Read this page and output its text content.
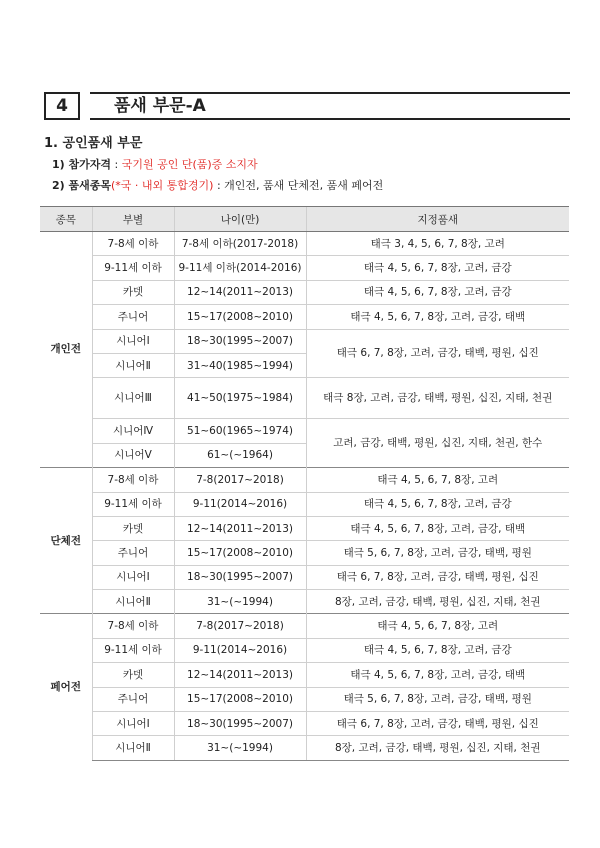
4	품새 부문-A
1. 공인품새 부문
1) 참가자격 : 국기원 공인 단(품)증 소지자
2) 품새종목(*국 · 내외 통합경기) : 개인전, 품새 단체전, 품새 페어전
종목	부별	나이(만)	지정품새
개인전	7-8세 이하	7-8세 이하(2017-2018)	태극 3, 4, 5, 6, 7, 8장, 고려
	9-11세 이하	9-11세 이하(2014-2016)	태극 4, 5, 6, 7, 8장, 고려, 금강
	카뎃	12~14(2011~2013)	태극 4, 5, 6, 7, 8장, 고려, 금강
	주니어	15~17(2008~2010)	태극 4, 5, 6, 7, 8장, 고려, 금강, 태백
	시니어Ⅰ	18~30(1995~2007)	태극 6, 7, 8장, 고려, 금강, 태백, 평원, 십진
	시니어Ⅱ	31~40(1985~1994)	
	시니어Ⅲ	41~50(1975~1984)	태극 8장, 고려, 금강, 태백, 평원, 십진, 지태, 천권
	시니어Ⅳ	51~60(1965~1974)	고려, 금강, 태백, 평원, 십진, 지태, 천권, 한수
	시니어Ⅴ	61~(~1964)	
단체전	7-8세 이하	7-8(2017~2018)	태극 4, 5, 6, 7, 8장, 고려
	9-11세 이하	9-11(2014~2016)	태극 4, 5, 6, 7, 8장, 고려, 금강
	카뎃	12~14(2011~2013)	태극 4, 5, 6, 7, 8장, 고려, 금강, 태백
	주니어	15~17(2008~2010)	태극 5, 6, 7, 8장, 고려, 금강, 태백, 평원
	시니어Ⅰ	18~30(1995~2007)	태극 6, 7, 8장, 고려, 금강, 태백, 평원, 십진
	시니어Ⅱ	31~(~1994)	8장, 고려, 금강, 태백, 평원, 십진, 지태, 천권
페어전	7-8세 이하	7-8(2017~2018)	태극 4, 5, 6, 7, 8장, 고려
	9-11세 이하	9-11(2014~2016)	태극 4, 5, 6, 7, 8장, 고려, 금강
	카뎃	12~14(2011~2013)	태극 4, 5, 6, 7, 8장, 고려, 금강, 태백
	주니어	15~17(2008~2010)	태극 5, 6, 7, 8장, 고려, 금강, 태백, 평원
	시니어Ⅰ	18~30(1995~2007)	태극 6, 7, 8장, 고려, 금강, 태백, 평원, 십진
	시니어Ⅱ	31~(~1994)	8장, 고려, 금강, 태백, 평원, 십진, 지태, 천권
